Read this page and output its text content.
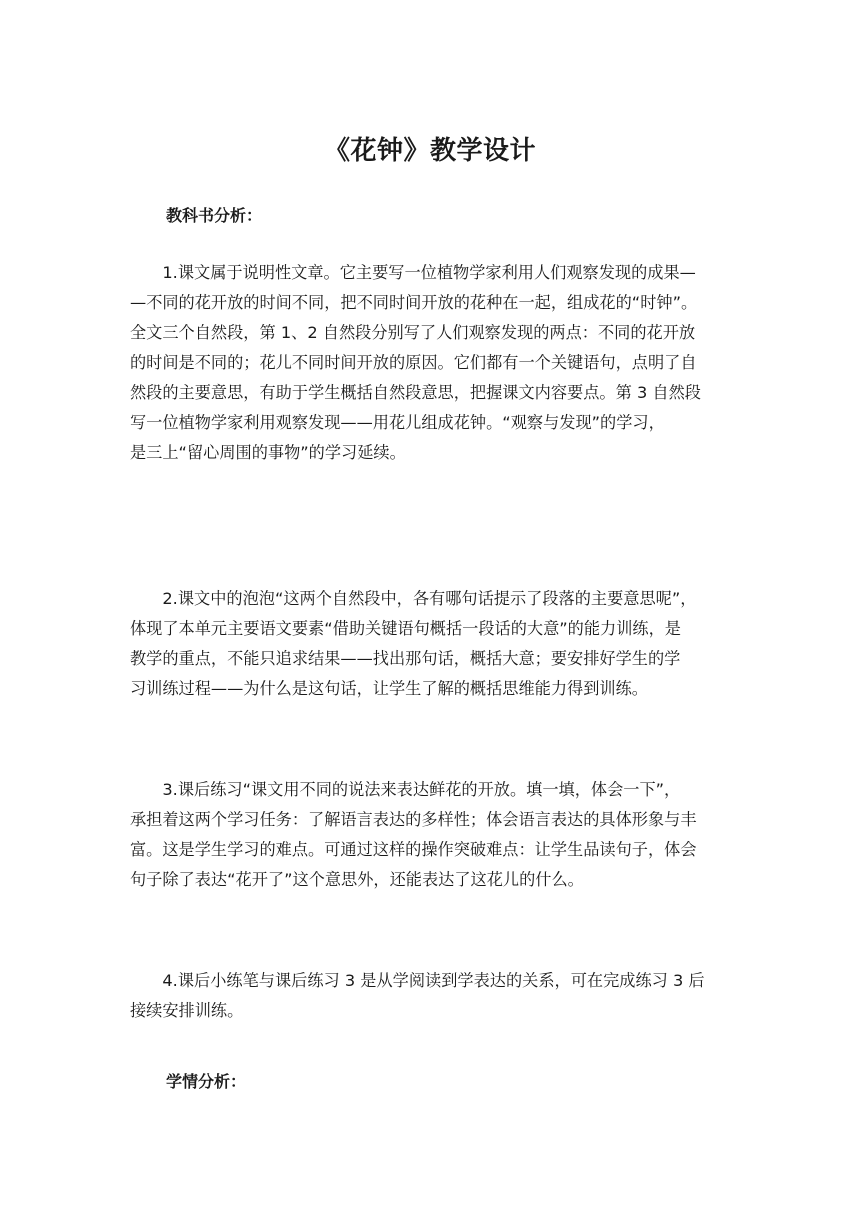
《花钟》教学设计
教科书分析：
　　1.课文属于说明性文章。它主要写一位植物学家利用人们观察发现的成果—
—不同的花开放的时间不同，把不同时间开放的花种在一起，组成花的“时钟”。
全文三个自然段，第 1、2 自然段分别写了人们观察发现的两点：不同的花开放
的时间是不同的；花儿不同时间开放的原因。它们都有一个关键语句，点明了自
然段的主要意思，有助于学生概括自然段意思，把握课文内容要点。第 3 自然段
写一位植物学家利用观察发现——用花儿组成花钟。“观察与发现”的学习，
是三上“留心周围的事物”的学习延续。
　　2.课文中的泡泡“这两个自然段中，各有哪句话提示了段落的主要意思呢”，
体现了本单元主要语文要素“借助关键语句概括一段话的大意”的能力训练，是
教学的重点，不能只追求结果——找出那句话，概括大意；要安排好学生的学
习训练过程——为什么是这句话，让学生了解的概括思维能力得到训练。
　　3.课后练习“课文用不同的说法来表达鲜花的开放。填一填，体会一下”，
承担着这两个学习任务：了解语言表达的多样性；体会语言表达的具体形象与丰
富。这是学生学习的难点。可通过这样的操作突破难点：让学生品读句子，体会
句子除了表达“花开了”这个意思外，还能表达了这花儿的什么。
　　4.课后小练笔与课后练习 3 是从学阅读到学表达的关系，可在完成练习 3 后
接续安排训练。
学情分析：
